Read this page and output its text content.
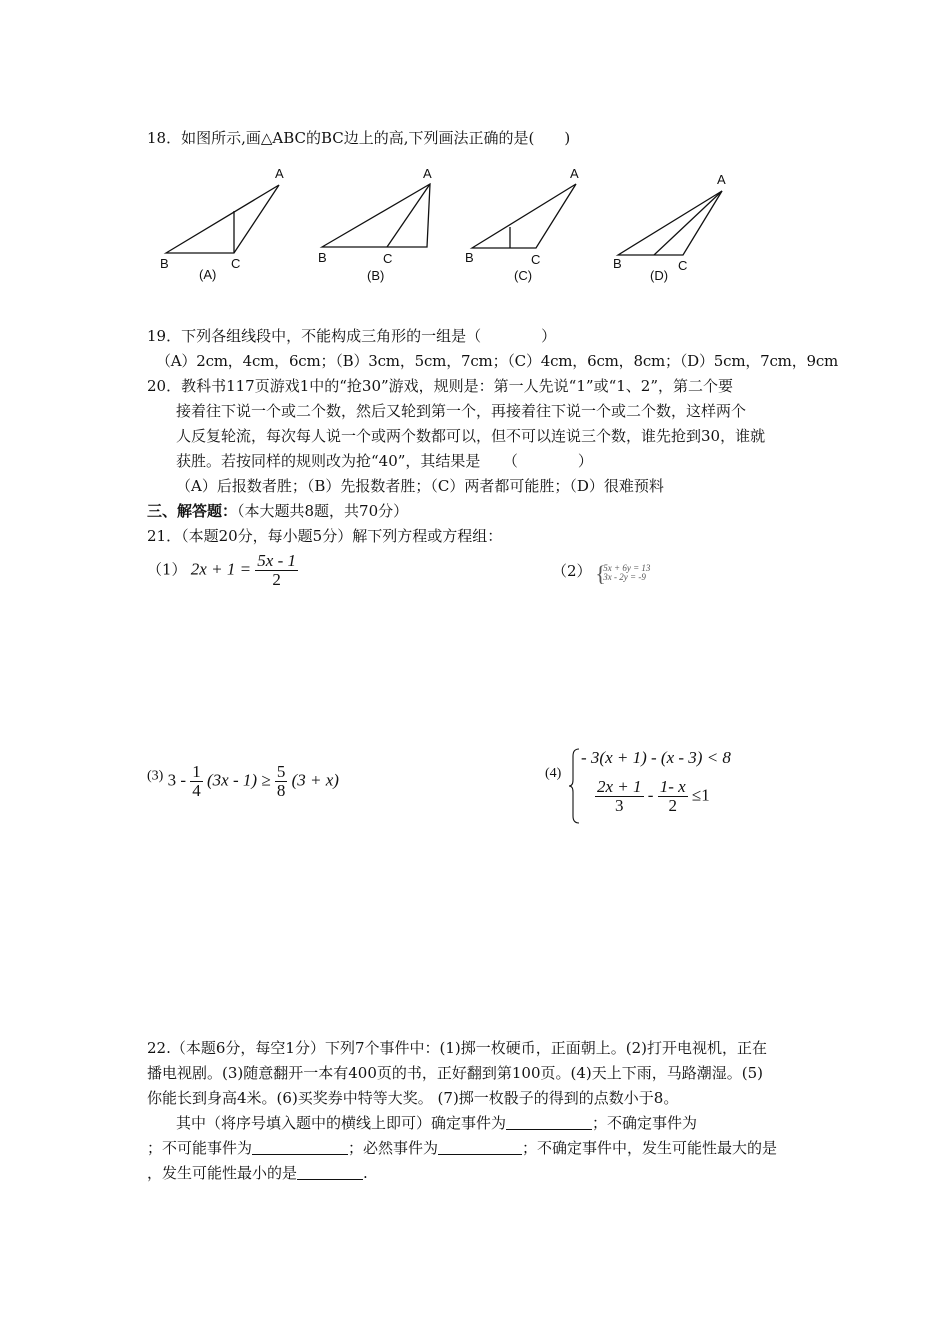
18．如图所示,画△ABC的BC边上的高,下列画法正确的是(　　)
A
B	C
(A)
A
B	C
(B)
A
B	C
(C)
A
B	C
(D)
19．下列各组线段中，不能构成三角形的一组是（　　　　）
（A）2cm，4cm，6cm；（B）3cm，5cm，7cm；（C）4cm，6cm，8cm；（D）5cm，7cm，9cm
20．教科书117页游戏1中的“抢30”游戏，规则是：第一人先说“1”或“1、2”，第二个要
接着往下说一个或二个数，然后又轮到第一个，再接着往下说一个或二个数，这样两个
人反复轮流，每次每人说一个或两个数都可以，但不可以连说三个数，谁先抢到30，谁就
获胜。若按同样的规则改为抢“40”，其结果是　　（　　　　）
（A）后报数者胜；（B）先报数者胜；（C）两者都可能胜；（D）很难预料
三、解答题：（本大题共8题，共70分）
21．（本题20分，每小题5分）解下列方程或方程组：
（1） $2x + 1 = \frac{5x - 1}{2}$	（2） {
5x + 6y = 13
3x - 2y = -9
$^{(3)}$ $3 - \frac{1}{4} (3x - 1) \ge \frac{5}{8} (3 + x)$	(4)
- 3(x + 1) - (x - 3) < 8
$\frac{2x + 1}{3} - \frac{1- x}{2} \le 1$
22.（本题6分，每空1分）下列7个事件中：(1)掷一枚硬币，正面朝上。(2)打开电视机，正在
播电视剧。(3)随意翻开一本有400页的书，正好翻到第100页。(4)天上下雨，马路潮湿。(5)
你能长到身高4米。(6)买奖券中特等大奖。 (7)掷一枚骰子的得到的点数小于8。
其中（将序号填入题中的横线上即可）确定事件为	；不确定事件为
；不可能事件为	；必然事件为	；不确定事件中，发生可能性最大的是
，发生可能性最小的是	.
